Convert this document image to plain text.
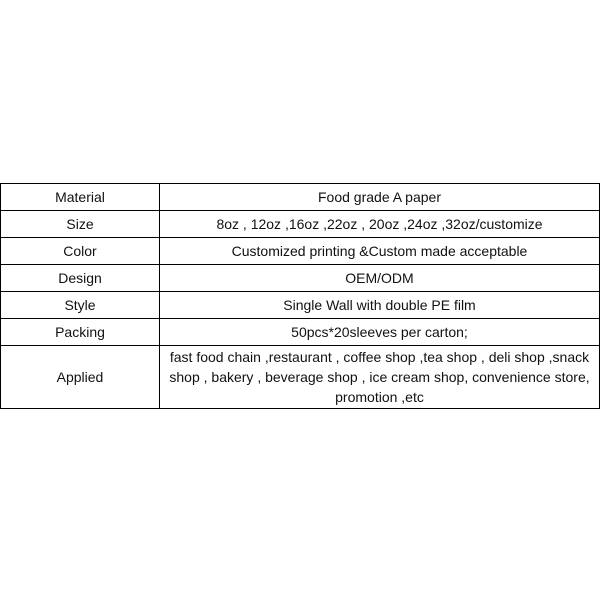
Material	Food grade A paper
Size	8oz , 12oz ,16oz ,22oz , 20oz ,24oz ,32oz/customize
Color	Customized printing &Custom made acceptable
Design	OEM/ODM
Style	Single Wall with double PE film
Packing	50pcs*20sleeves per carton;
Applied	fast food chain ,restaurant , coffee shop ,tea shop , deli shop ,snack shop , bakery , beverage shop , ice cream shop, convenience store, promotion ,etc
